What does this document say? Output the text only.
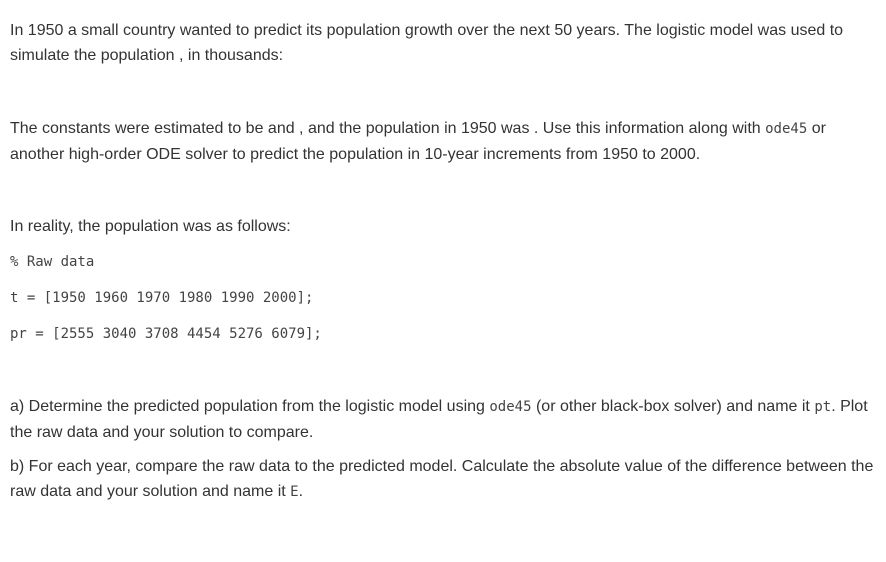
In 1950 a small country wanted to predict its population growth over the next 50 years. The logistic model was used to simulate the population , in thousands:

The constants were estimated to be and , and the population in 1950 was . Use this information along with ode45 or another high-order ODE solver to predict the population in 10-year increments from 1950 to 2000.

In reality, the population was as follows:

% Raw data

t = [1950 1960 1970 1980 1990 2000];

pr = [2555 3040 3708 4454 5276 6079];

a) Determine the predicted population from the logistic model using ode45 (or other black-box solver) and name it pt. Plot the raw data and your solution to compare.

b) For each year, compare the raw data to the predicted model. Calculate the absolute value of the difference between the raw data and your solution and name it E.
